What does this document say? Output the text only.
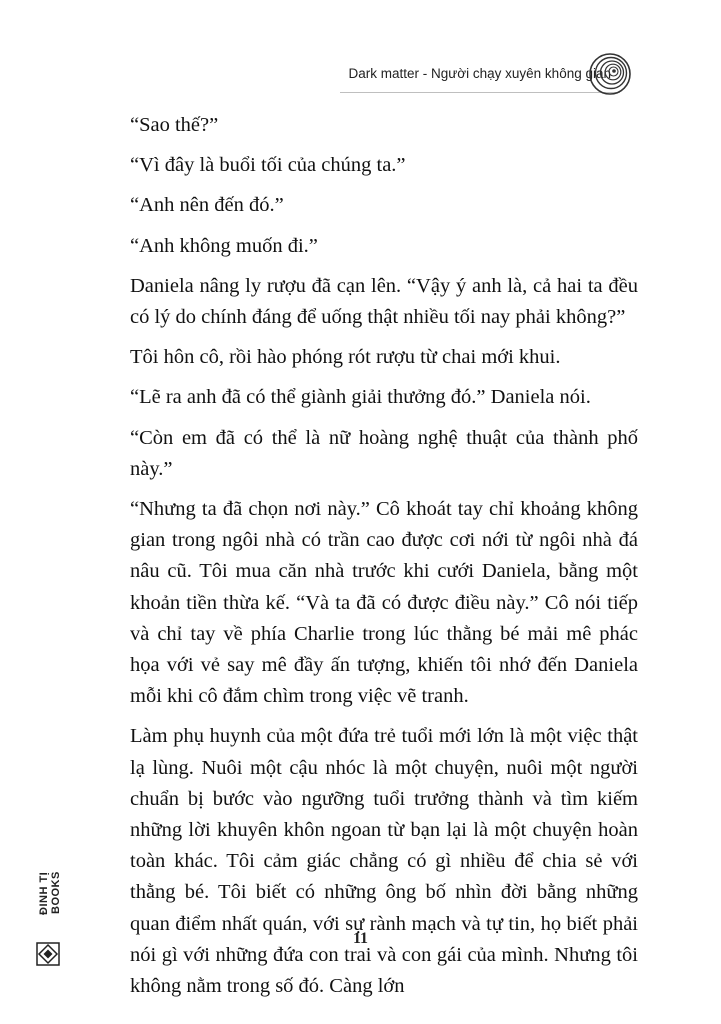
Dark matter - Người chạy xuyên không gian

“Sao thế?”

“Vì đây là buổi tối của chúng ta.”

“Anh nên đến đó.”

“Anh không muốn đi.”

Daniela nâng ly rượu đã cạn lên. “Vậy ý anh là, cả hai ta đều có lý do chính đáng để uống thật nhiều tối nay phải không?”

Tôi hôn cô, rồi hào phóng rót rượu từ chai mới khui.

“Lẽ ra anh đã có thể giành giải thưởng đó.” Daniela nói.

“Còn em đã có thể là nữ hoàng nghệ thuật của thành phố này.”

“Nhưng ta đã chọn nơi này.” Cô khoát tay chỉ khoảng không gian trong ngôi nhà có trần cao được cơi nới từ ngôi nhà đá nâu cũ. Tôi mua căn nhà trước khi cưới Daniela, bằng một khoản tiền thừa kế. “Và ta đã có được điều này.” Cô nói tiếp và chỉ tay về phía Charlie trong lúc thằng bé mải mê phác họa với vẻ say mê đầy ấn tượng, khiến tôi nhớ đến Daniela mỗi khi cô đắm chìm trong việc vẽ tranh.

Làm phụ huynh của một đứa trẻ tuổi mới lớn là một việc thật lạ lùng. Nuôi một cậu nhóc là một chuyện, nuôi một người chuẩn bị bước vào ngưỡng tuổi trưởng thành và tìm kiếm những lời khuyên khôn ngoan từ bạn lại là một chuyện hoàn toàn khác. Tôi cảm giác chẳng có gì nhiều để chia sẻ với thằng bé. Tôi biết có những ông bố nhìn đời bằng những quan điểm nhất quán, với sự rành mạch và tự tin, họ biết phải nói gì với những đứa con trai và con gái của mình. Nhưng tôi không nằm trong số đó. Càng lớn

11
ĐINH TỊ BOOKS
